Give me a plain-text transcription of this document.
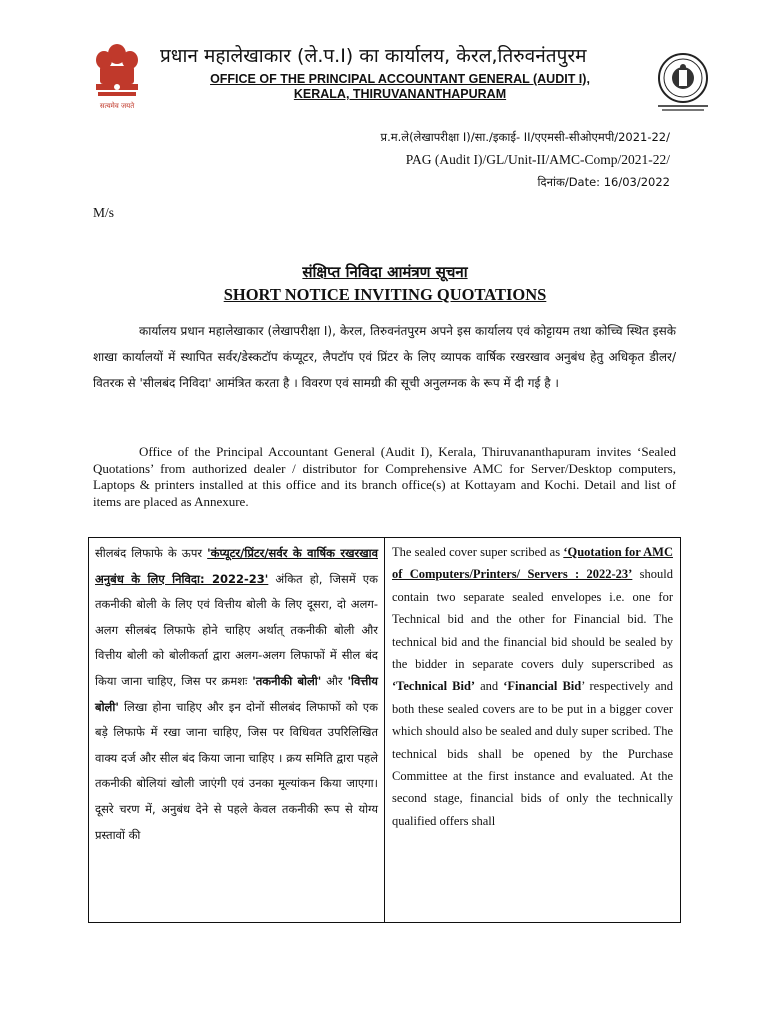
सत्यमेव जयते
प्रधान महालेखाकार (ले.प.I) का कार्यालय, केरल,तिरुवनंतपुरम
OFFICE OF THE PRINCIPAL ACCOUNTANT GENERAL (AUDIT I),
KERALA, THIRUVANANTHAPURAM
प्र.म.ले(लेखापरीक्षा I)/सा./इकाई- II/एएमसी-सीओएमपी/2021-22/
PAG (Audit I)/GL/Unit-II/AMC-Comp/2021-22/
दिनांक/Date: 16/03/2022
M/s
संक्षिप्त निविदा आमंत्रण सूचना
SHORT NOTICE INVITING QUOTATIONS

कार्यालय प्रधान महालेखाकार (लेखापरीक्षा I), केरल, तिरुवनंतपुरम अपने इस कार्यालय एवं कोट्टायम तथा कोच्चि स्थित इसके शाखा कार्यालयों में स्थापित सर्वर/डेस्कटॉप कंप्यूटर, लैपटॉप एवं प्रिंटर के लिए व्यापक वार्षिक रखरखाव अनुबंध हेतु अधिकृत डीलर/ वितरक से 'सीलबंद निविदा' आमंत्रित करता है । विवरण एवं सामग्री की सूची अनुलग्नक के रूप में दी गई है ।

Office of the Principal Accountant General (Audit I), Kerala, Thiruvananthapuram invites ‘Sealed Quotations’ from authorized dealer / distributor for Comprehensive AMC for Server/Desktop computers, Laptops & printers installed at this office and its branch office(s) at Kottayam and Kochi. Detail and list of items are placed as Annexure.

सीलबंद लिफाफे के ऊपर 'कंप्यूटर/प्रिंटर/सर्वर के वार्षिक रखरखाव अनुबंध के लिए निविदा: 2022-23' अंकित हो, जिसमें एक तकनीकी बोली के लिए एवं वित्तीय बोली के लिए दूसरा, दो अलग-अलग सीलबंद लिफाफे होने चाहिए अर्थात् तकनीकी बोली और वित्तीय बोली को बोलीकर्ता द्वारा अलग-अलग लिफाफों में सील बंद किया जाना चाहिए, जिस पर क्रमशः 'तकनीकी बोली' और 'वित्तीय बोली' लिखा होना चाहिए और इन दोनों सीलबंद लिफाफों को एक बड़े लिफाफे में रखा जाना चाहिए, जिस पर विधिवत उपरिलिखित वाक्य दर्ज और सील बंद किया जाना चाहिए । क्रय समिति द्वारा पहले तकनीकी बोलियां खोली जाएंगी एवं उनका मूल्यांकन किया जाएगा। दूसरे चरण में, अनुबंध देने से पहले केवल तकनीकी रूप से योग्य प्रस्तावों की

The sealed cover super scribed as ‘Quotation for AMC of Computers/Printers/ Servers : 2022-23’ should contain two separate sealed envelopes i.e. one for Technical bid and the other for Financial bid. The technical bid and the financial bid should be sealed by the bidder in separate covers duly superscribed as ‘Technical Bid’ and ‘Financial Bid’ respectively and both these sealed covers are to be put in a bigger cover which should also be sealed and duly super scribed. The technical bids shall be opened by the Purchase Committee at the first instance and evaluated. At the second stage, financial bids of only the technically qualified offers shall
